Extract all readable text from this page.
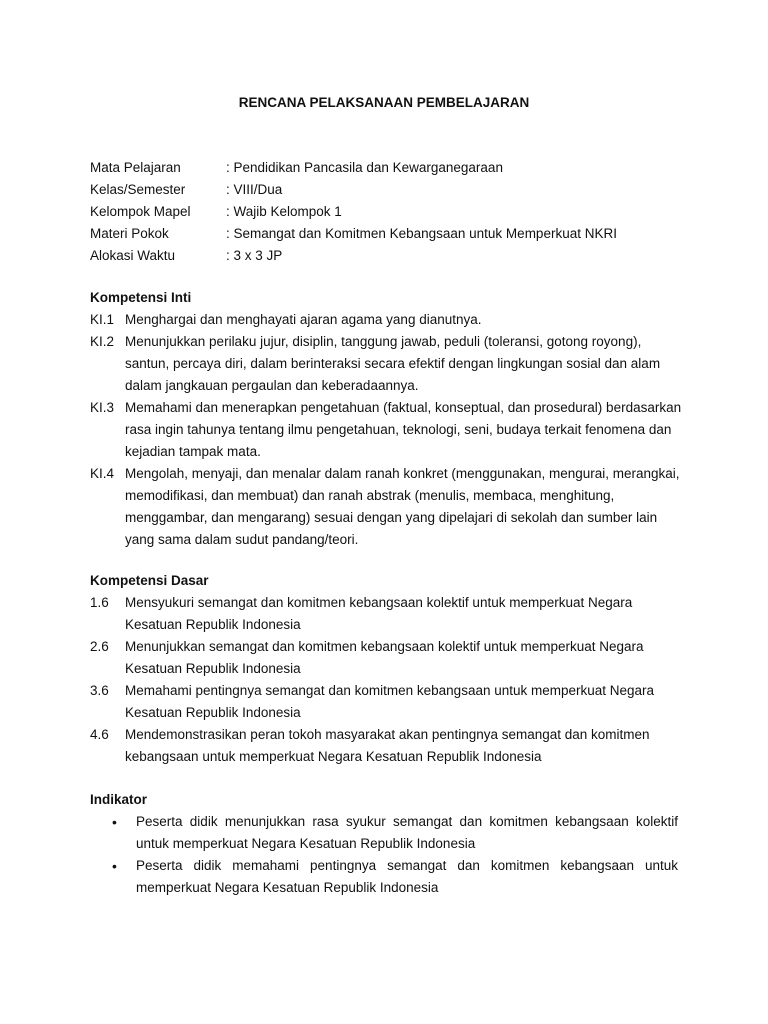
RENCANA PELAKSANAAN PEMBELAJARAN
Mata Pelajaran	: Pendidikan Pancasila dan Kewarganegaraan
Kelas/Semester	: VIII/Dua
Kelompok Mapel	: Wajib Kelompok 1
Materi Pokok	: Semangat dan Komitmen Kebangsaan untuk Memperkuat NKRI
Alokasi Waktu	: 3 x 3 JP
Kompetensi Inti
KI.1 Menghargai dan menghayati ajaran agama yang dianutnya.
KI.2 Menunjukkan perilaku jujur, disiplin, tanggung jawab, peduli (toleransi, gotong royong), santun, percaya diri, dalam berinteraksi secara efektif dengan lingkungan sosial dan alam dalam jangkauan pergaulan dan keberadaannya.
KI.3 Memahami dan menerapkan pengetahuan (faktual, konseptual, dan prosedural) berdasarkan rasa ingin tahunya tentang ilmu pengetahuan, teknologi, seni, budaya terkait fenomena dan kejadian tampak mata.
KI.4 Mengolah, menyaji, dan menalar dalam ranah konkret (menggunakan, mengurai, merangkai, memodifikasi, dan membuat) dan ranah abstrak (menulis, membaca, menghitung, menggambar, dan mengarang) sesuai dengan yang dipelajari di sekolah dan sumber lain yang sama dalam sudut pandang/teori.
Kompetensi Dasar
1.6	Mensyukuri semangat dan komitmen kebangsaan kolektif untuk memperkuat Negara Kesatuan Republik Indonesia
2.6	Menunjukkan semangat dan komitmen kebangsaan kolektif untuk memperkuat Negara Kesatuan Republik Indonesia
3.6	Memahami pentingnya semangat dan komitmen kebangsaan untuk memperkuat Negara Kesatuan Republik Indonesia
4.6	Mendemonstrasikan peran tokoh masyarakat akan pentingnya semangat dan komitmen kebangsaan untuk memperkuat Negara Kesatuan Republik Indonesia
Indikator
•	Peserta didik menunjukkan rasa syukur semangat dan komitmen kebangsaan kolektif untuk memperkuat Negara Kesatuan Republik Indonesia
•	Peserta didik memahami pentingnya semangat dan komitmen kebangsaan untuk memperkuat Negara Kesatuan Republik Indonesia
